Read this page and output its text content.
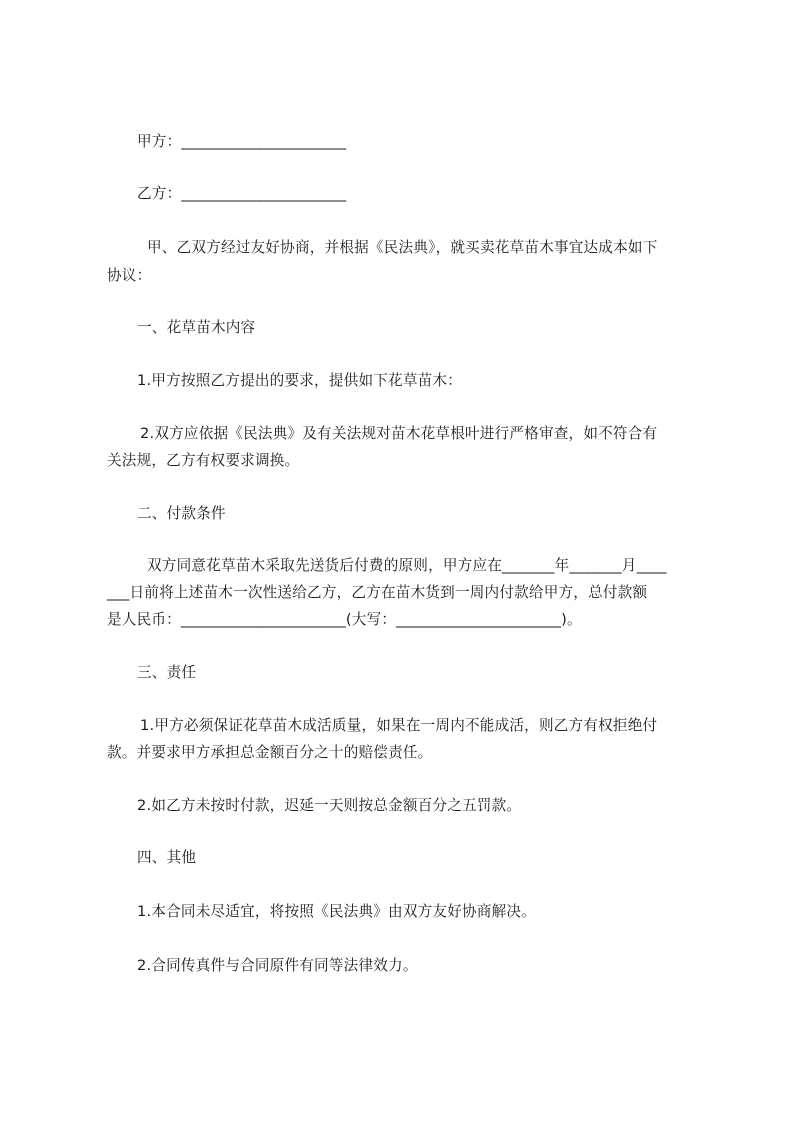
甲方：______________________
乙方：______________________
甲、乙双方经过友好协商，并根据《民法典》，就买卖花草苗木事宜达成本如下
协议：
一、花草苗木内容
1.甲方按照乙方提出的要求，提供如下花草苗木：
2.双方应依据《民法典》及有关法规对苗木花草根叶进行严格审查，如不符合有
关法规，乙方有权要求调换。
二、付款条件
双方同意花草苗木采取先送货后付费的原则，甲方应在_______年_______月____
___日前将上述苗木一次性送给乙方，乙方在苗木货到一周内付款给甲方，总付款额
是人民币：______________________(大写：______________________)。
三、责任
1.甲方必须保证花草苗木成活质量，如果在一周内不能成活，则乙方有权拒绝付
款。并要求甲方承担总金额百分之十的赔偿责任。
2.如乙方未按时付款，迟延一天则按总金额百分之五罚款。
四、其他
1.本合同未尽适宜，将按照《民法典》由双方友好协商解决。
2.合同传真件与合同原件有同等法律效力。
